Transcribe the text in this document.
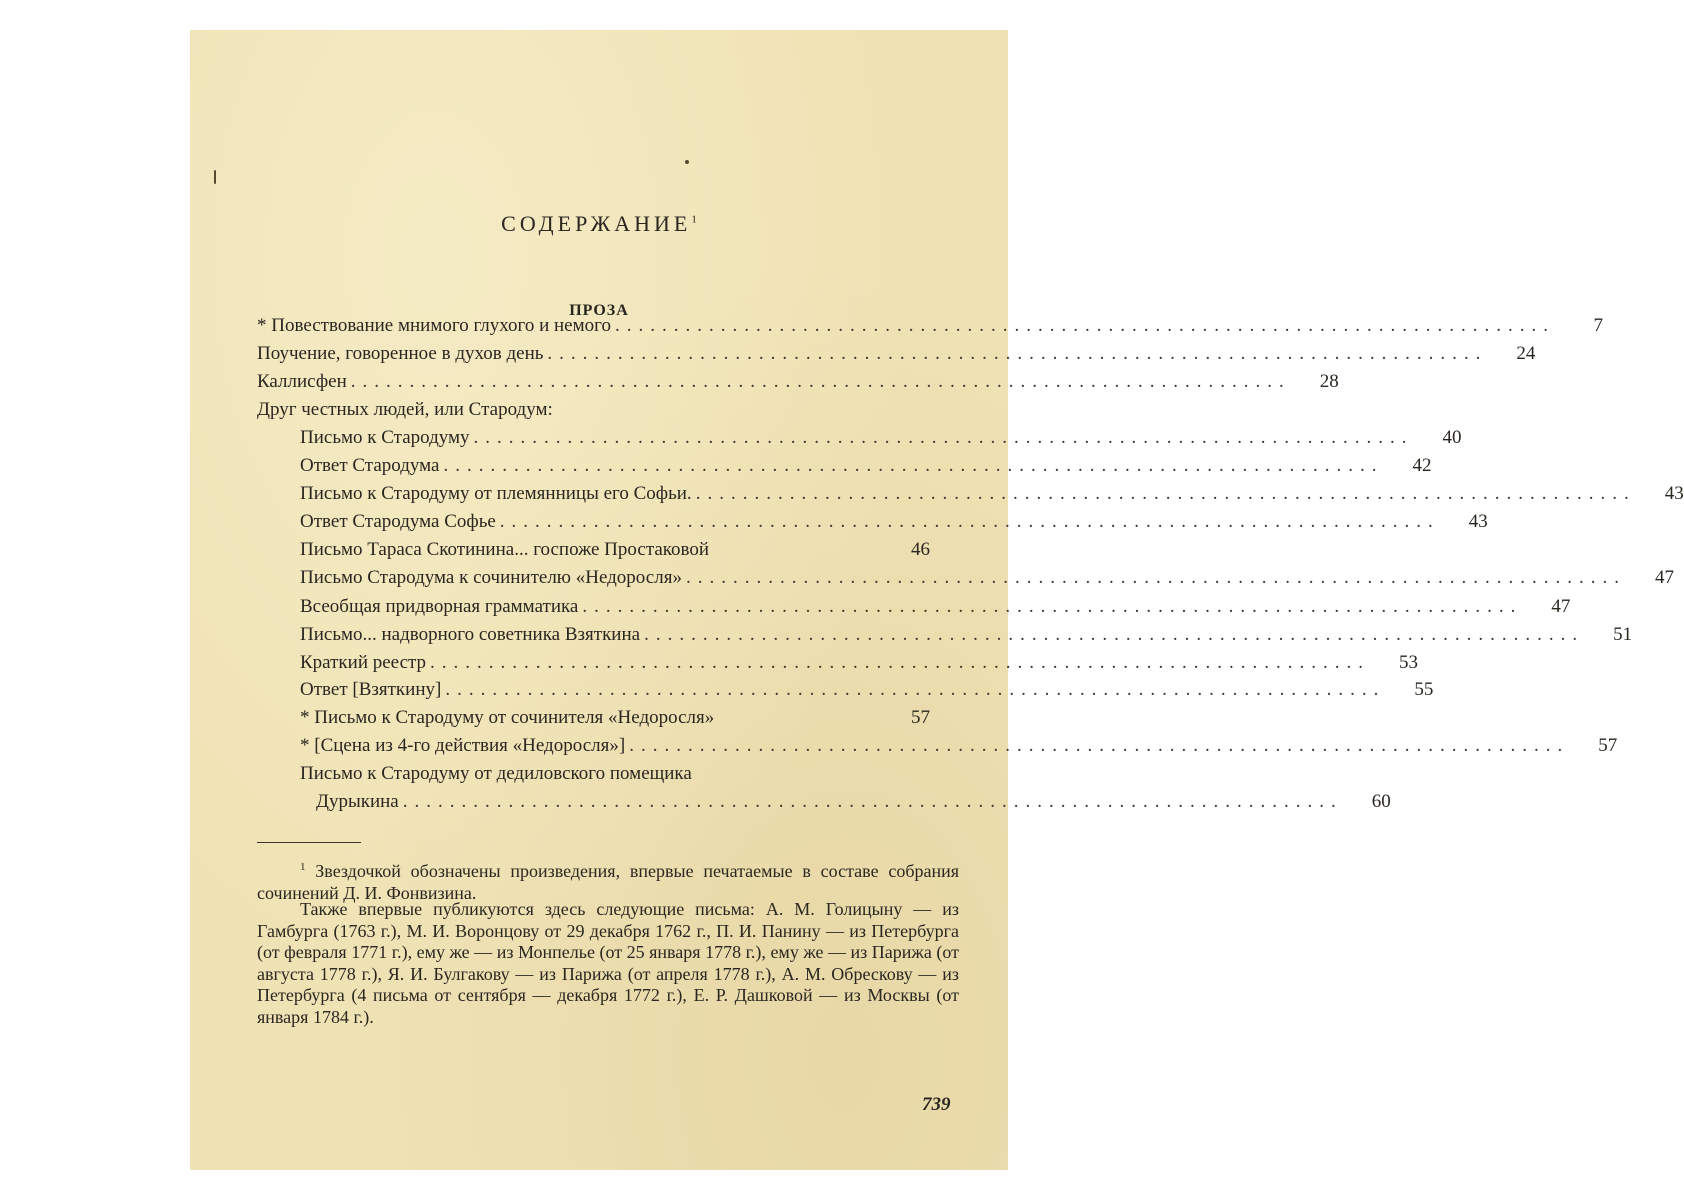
СОДЕРЖАНИЕ$^1$
ПРОЗА
* Повествование мнимого глухого и немого ................................................................................	7
Поучение, говоренное в духов день ................................................................................	24
Каллисфен ................................................................................	28
Друг честных людей, или Стародум:
Письмо к Стародуму ................................................................................	40
Ответ Стародума ................................................................................	42
Письмо к Стародуму от племянницы его Софьи. ................................................................................	43
Ответ Стародума Софье ................................................................................	43
Письмо Тараса Скотинина... госпоже Простаковой	46
Письмо Стародума к сочинителю «Недоросля» ................................................................................	47
Всеобщая придворная грамматика ................................................................................	47
Письмо... надворного советника Взяткина ................................................................................	51
Краткий реестр ................................................................................	53
Ответ [Взяткину] ................................................................................	55
* Письмо к Стародуму от сочинителя «Недоросля»	57
* [Сцена из 4-го действия «Недоросля»] ................................................................................	57
Письмо к Стародуму от дедиловского помещика
Дурыкина ................................................................................	60
$^1$ Звездочкой обозначены произведения, впервые печатаемые в составе собрания сочинений Д. И. Фонвизина.
Также впервые публикуются здесь следующие письма: А. М. Голицыну — из Гамбурга (1763 г.), М. И. Воронцову от 29 декабря 1762 г., П. И. Панину — из Петербурга (от февраля 1771 г.), ему же — из Монпелье (от 25 января 1778 г.), ему же — из Парижа (от августа 1778 г.), Я. И. Булгакову — из Парижа (от апреля 1778 г.), А. М. Обрескову — из Петербурга (4 письма от сентября — декабря 1772 г.), Е. Р. Дашковой — из Москвы (от января 1784 г.).
739
